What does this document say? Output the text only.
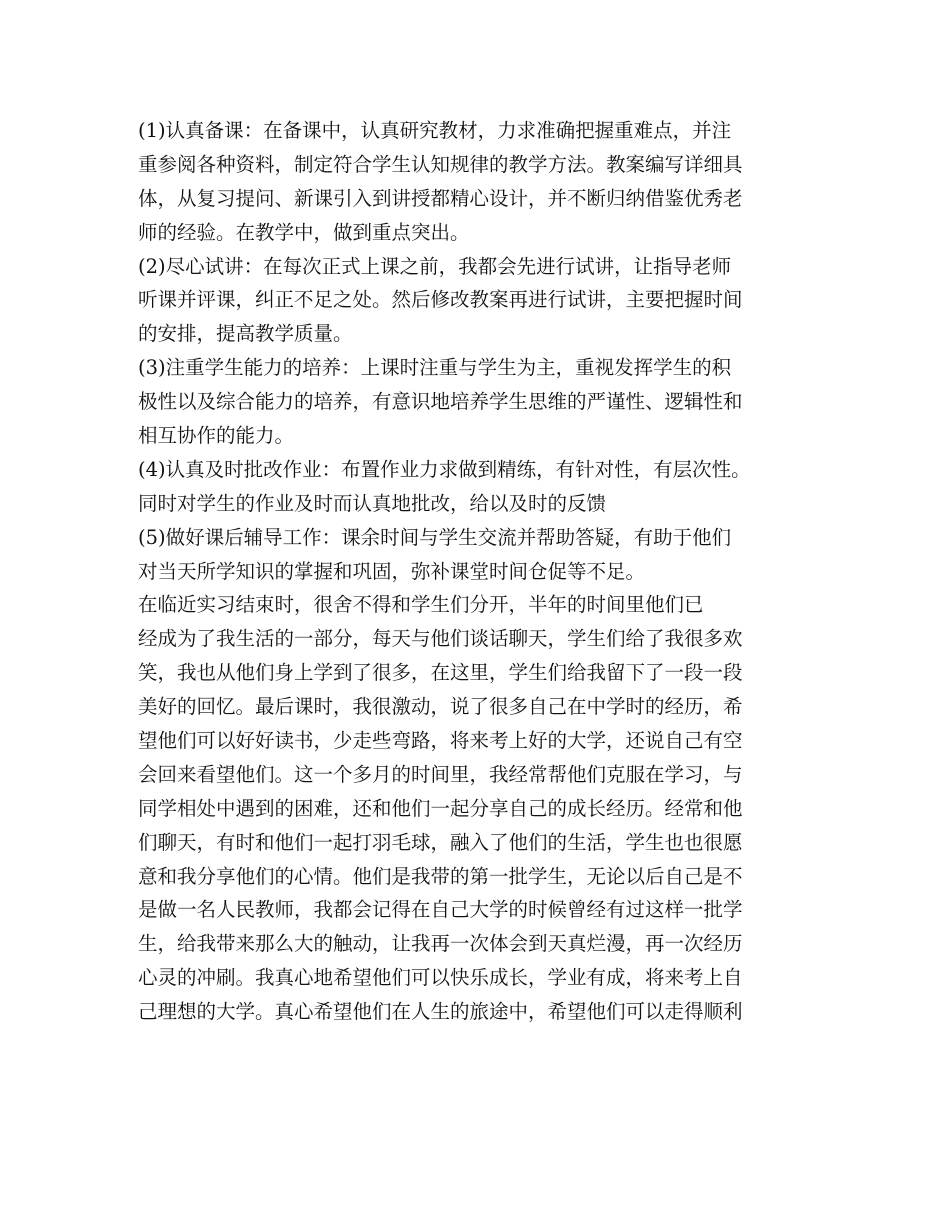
(1)认真备课：在备课中，认真研究教材，力求准确把握重难点，并注
重参阅各种资料，制定符合学生认知规律的教学方法。教案编写详细具
体，从复习提问、新课引入到讲授都精心设计，并不断归纳借鉴优秀老
师的经验。在教学中，做到重点突出。
(2)尽心试讲：在每次正式上课之前，我都会先进行试讲，让指导老师
听课并评课，纠正不足之处。然后修改教案再进行试讲，主要把握时间
的安排，提高教学质量。
(3)注重学生能力的培养：上课时注重与学生为主，重视发挥学生的积
极性以及综合能力的培养，有意识地培养学生思维的严谨性、逻辑性和
相互协作的能力。
(4)认真及时批改作业：布置作业力求做到精练，有针对性，有层次性。
同时对学生的作业及时而认真地批改，给以及时的反馈
(5)做好课后辅导工作：课余时间与学生交流并帮助答疑，有助于他们
对当天所学知识的掌握和巩固，弥补课堂时间仓促等不足。
在临近实习结束时，很舍不得和学生们分开，半年的时间里他们已
经成为了我生活的一部分，每天与他们谈话聊天，学生们给了我很多欢
笑，我也从他们身上学到了很多，在这里，学生们给我留下了一段一段
美好的回忆。最后课时，我很激动，说了很多自己在中学时的经历，希
望他们可以好好读书，少走些弯路，将来考上好的大学，还说自己有空
会回来看望他们。这一个多月的时间里，我经常帮他们克服在学习，与
同学相处中遇到的困难，还和他们一起分享自己的成长经历。经常和他
们聊天，有时和他们一起打羽毛球，融入了他们的生活，学生也也很愿
意和我分享他们的心情。他们是我带的第一批学生，无论以后自己是不
是做一名人民教师，我都会记得在自己大学的时候曾经有过这样一批学
生，给我带来那么大的触动，让我再一次体会到天真烂漫，再一次经历
心灵的冲刷。我真心地希望他们可以快乐成长，学业有成，将来考上自
己理想的大学。真心希望他们在人生的旅途中，希望他们可以走得顺利
